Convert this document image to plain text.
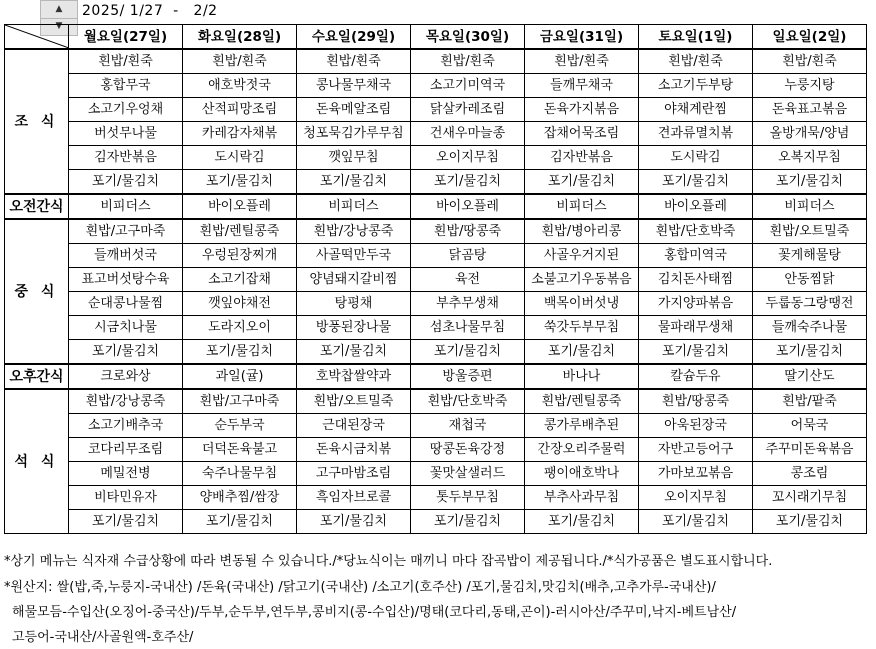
▲
▼
2025/ 1/27  -   2/2
	월요일(27일)	화요일(28일)	수요일(29일)	목요일(30일)	금요일(31일)	토요일(1일)	일요일(2일)
조 식	흰밥/흰죽	흰밥/흰죽	흰밥/흰죽	흰밥/흰죽	흰밥/흰죽	흰밥/흰죽	흰밥/흰죽
	홍합무국	애호박젓국	콩나물무채국	소고기미역국	들깨무채국	소고기두부탕	누룽지탕
	소고기우엉채	산적피망조림	돈육메알조림	닭살카레조림	돈육가지볶음	야채계란찜	돈육표고볶음
	버섯무나물	카레감자채볶	청포묵김가루무침	건새우마늘종	잡채어묵조림	견과류멸치볶	올방개묵/양념
	김자반볶음	도시락김	깻잎무침	오이지무침	김자반볶음	도시락김	오복지무침
	포기/물김치	포기/물김치	포기/물김치	포기/물김치	포기/물김치	포기/물김치	포기/물김치
오전간식	비피더스	바이오플레	비피더스	바이오플레	비피더스	바이오플레	비피더스
중 식	흰밥/고구마죽	흰밥/렌틸콩죽	흰밥/강낭콩죽	흰밥/땅콩죽	흰밥/병아리콩	흰밥/단호박죽	흰밥/오트밀죽
	들깨버섯국	우렁된장찌개	사골떡만두국	닭곰탕	사골우거지된	홍합미역국	꽃게해물탕
	표고버섯탕수육	소고기잡채	양념돼지갈비찜	육전	소불고기우동볶음	김치돈사태찜	안동찜닭
	순대콩나물찜	깻잎야채전	탕평채	부추무생채	백목이버섯냉	가지양파볶음	두룹동그랑땡전
	시금치나물	도라지오이	방풍된장나물	섬초나물무침	쑥갓두부무침	물파래무생채	들깨숙주나물
	포기/물김치	포기/물김치	포기/물김치	포기/물김치	포기/물김치	포기/물김치	포기/물김치
오후간식	크로와상	과일(귤)	호박찹쌀약과	방울증편	바나나	칼슘두유	딸기산도
석 식	흰밥/강낭콩죽	흰밥/고구마죽	흰밥/오트밀죽	흰밥/단호박죽	흰밥/렌틸콩죽	흰밥/땅콩죽	흰밥/팥죽
	소고기배추국	순두부국	근대된장국	재첩국	콩가루배추된	아욱된장국	어묵국
	코다리무조림	더덕돈육불고	돈육시금치볶	땅콩돈육강정	간장오리주물럭	자반고등어구	주꾸미돈육볶음
	메밀전병	숙주나물무침	고구마밤조림	꽃맛살샐러드	팽이애호박나	가마보꼬볶음	콩조림
	비타민유자	양배추찜/쌈장	흑임자브로콜	톳두부무침	부추사과무침	오이지무침	꼬시래기무침
	포기/물김치	포기/물김치	포기/물김치	포기/물김치	포기/물김치	포기/물김치	포기/물김치
*상기 메뉴는 식자재 수급상황에 따라 변동될 수 있습니다./*당뇨식이는 매끼니 마다 잡곡밥이 제공됩니다./*식가공품은 별도표시합니다.
*원산지: 쌀(밥,죽,누룽지-국내산) /돈육(국내산) /닭고기(국내산) /소고기(호주산) /포기,물김치,맛김치(배추,고추가루-국내산)/
해물모듬-수입산(오징어-중국산)/두부,순두부,연두부,콩비지(콩-수입산)/명태(코다리,동태,곤이)-러시아산/주꾸미,낙지-베트남산/
고등어-국내산/사골원액-호주산/
